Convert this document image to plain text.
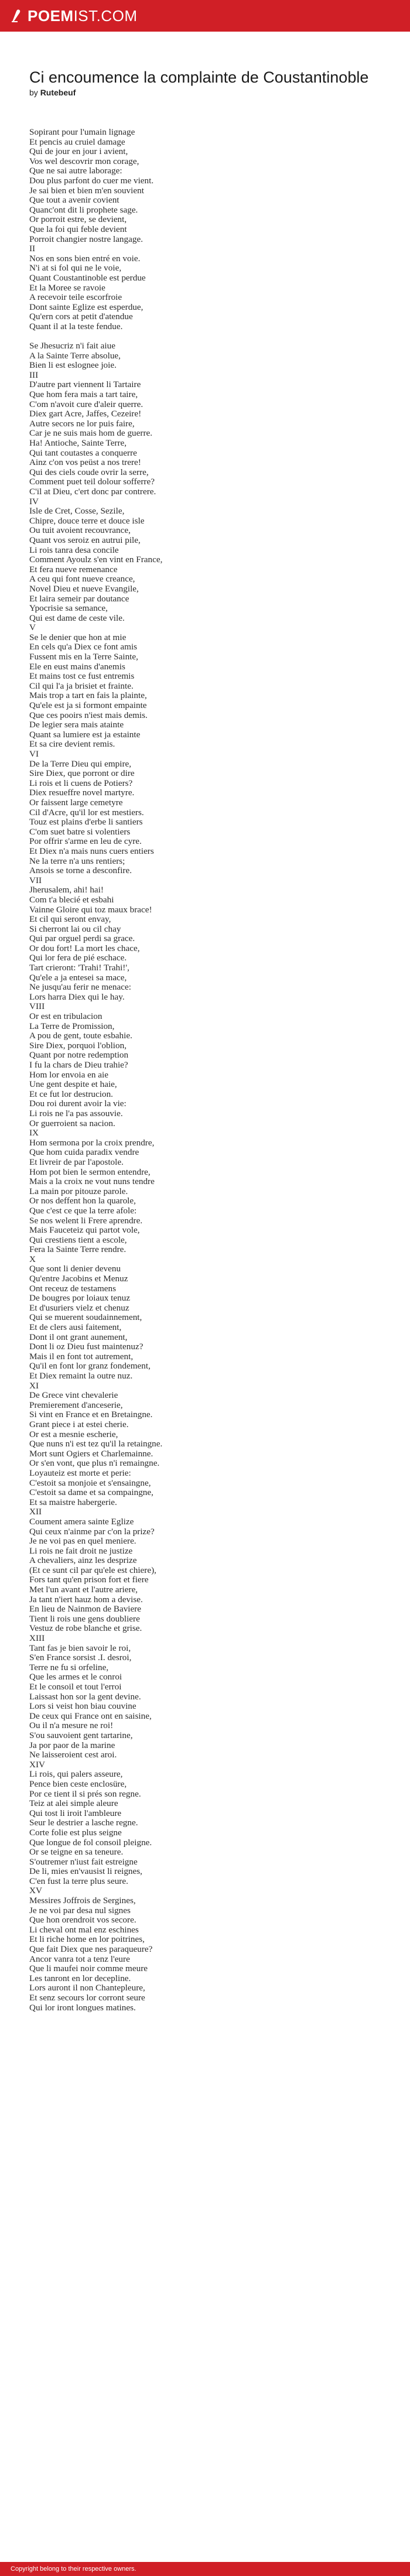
POEMIST.COM
Ci encoumence la complainte de Coustantinoble
by Rutebeuf
Sopirant pour l'umain lignage
Et pencis au cruiel damage
Qui de jour en jour i avient,
Vos wel descovrir mon corage,
Que ne sai autre laborage:
Dou plus parfont do cuer me vient.
Je sai bien et bien m'en souvient
Que tout a avenir covient
Quanc'ont dit li prophete sage.
Or porroit estre, se devient,
Que la foi qui feble devient
Porroit changier nostre langage.
II
Nos en sons bien entré en voie.
N'i at si fol qui ne le voie,
Quant Coustantinoble est perdue
Et la Moree se ravoie
A recevoir teile escorfroie
Dont sainte Eglize est esperdue,
Qu'ern cors at petit d'atendue
Quant il at la teste fendue.
Se Jhesucriz n'i fait aiue
A la Sainte Terre absolue,
Bien li est eslognee joie.
III
D'autre part viennent li Tartaire
Que hom fera mais a tart taire,
C'om n'avoit cure d'aleir querre.
Diex gart Acre, Jaffes, Cezeire!
Autre secors ne lor puis faire,
Car je ne suis mais hom de guerre.
Ha! Antioche, Sainte Terre,
Qui tant coutastes a conquerre
Ainz c'on vos peüst a nos trere!
Qui des ciels coude ovrir la serre,
Comment puet teil dolour sofferre?
C'il at Dieu, c'ert donc par contrere.
IV
Isle de Cret, Cosse, Sezile,
Chipre, douce terre et douce isle
Ou tuit avoient recouvrance,
Quant vos seroiz en autrui pile,
Li rois tanra desa concile
Comment Ayoulz s'en vint en France,
Et fera nueve remenance
A ceu qui font nueve creance,
Novel Dieu et nueve Evangile,
Et laira semeir par doutance
Ypocrisie sa semance,
Qui est dame de ceste vile.
V
Se le denier que hon at mie
En cels qu'a Diex ce font amis
Fussent mis en la Terre Sainte,
Ele en eust mains d'anemis
Et mains tost ce fust entremis
Cil qui l'a ja brisiet et frainte.
Mais trop a tart en fais la plainte,
Qu'ele est ja si formont empainte
Que ces pooirs n'iest mais demis.
De legier sera mais atainte
Quant sa lumiere est ja estainte
Et sa cire devient remis.
VI
De la Terre Dieu qui empire,
Sire Diex, que porront or dire
Li rois et li cuens de Potiers?
Diex resueffre novel martyre.
Or faissent large cemetyre
Cil d'Acre, qu'il lor est mestiers.
Touz est plains d'erbe li santiers
C'om suet batre si volentiers
Por offrir s'arme en leu de cyre.
Et Diex n'a mais nuns cuers entiers
Ne la terre n'a uns rentiers;
Ansois se torne a desconfire.
VII
Jherusalem, ahi! hai!
Com t'a blecié et esbahi
Vainne Gloire qui toz maux brace!
Et cil qui seront envay,
Si cherront lai ou cil chay
Qui par orguel perdi sa grace.
Or dou fort! La mort les chace,
Qui lor fera de pié eschace.
Tart crieront: 'Trahi! Trahi!',
Qu'ele a ja entesei sa mace,
Ne jusqu'au ferir ne menace:
Lors harra Diex qui le hay.
VIII
Or est en tribulacion
La Terre de Promission,
A pou de gent, toute esbahie.
Sire Diex, porquoi l'oblion,
Quant por notre redemption
I fu la chars de Dieu trahie?
Hom lor envoia en aie
Une gent despite et haie,
Et ce fut lor destrucion.
Dou roi durent avoir la vie:
Li rois ne l'a pas assouvie.
Or guerroient sa nacion.
IX
Hom sermona por la croix prendre,
Que hom cuida paradix vendre
Et livreir de par l'apostole.
Hom pot bien le sermon entendre,
Mais a la croix ne vout nuns tendre
La main por pitouze parole.
Or nos deffent hon la quarole,
Que c'est ce que la terre afole:
Se nos welent li Frere aprendre.
Mais Fauceteiz qui partot vole,
Qui crestiens tient a escole,
Fera la Sainte Terre rendre.
X
Que sont li denier devenu
Qu'entre Jacobins et Menuz
Ont receuz de testamens
De bougres por loiaux tenuz
Et d'usuriers vielz et chenuz
Qui se muerent soudainnement,
Et de clers ausi faitement,
Dont il ont grant aunement,
Dont li oz Dieu fust maintenuz?
Mais il en font tot autrement,
Qu'il en font lor granz fondement,
Et Diex remaint la outre nuz.
XI
De Grece vint chevalerie
Premierement d'anceserie,
Si vint en France et en Bretaingne.
Grant piece i at estei cherie.
Or est a mesnie escherie,
Que nuns n'i est tez qu'il la retaingne.
Mort sunt Ogiers et Charlemainne.
Or s'en vont, que plus n'i remaingne.
Loyauteiz est morte et perie:
C'estoit sa monjoie et s'ensaingne,
C'estoit sa dame et sa compaingne,
Et sa maistre habergerie.
XII
Coument amera sainte Eglize
Qui ceux n'ainme par c'on la prize?
Je ne voi pas en quel meniere.
Li rois ne fait droit ne justize
A chevaliers, ainz les desprize
(Et ce sunt cil par qu'ele est chiere),
Fors tant qu'en prison fort et fiere
Met l'un avant et l'autre ariere,
Ja tant n'iert hauz hom a devise.
En lieu de Nainmon de Baviere
Tient li rois une gens doubliere
Vestuz de robe blanche et grise.
XIII
Tant fas je bien savoir le roi,
S'en France sorsist .I. desroi,
Terre ne fu si orfeline,
Que les armes et le conroi
Et le consoil et tout l'erroi
Laissast hon sor la gent devine.
Lors si veist hon biau couvine
De ceux qui France ont en saisine,
Ou il n'a mesure ne roi!
S'ou sauvoient gent tartarine,
Ja por paor de la marine
Ne laisseroient cest aroi.
XIV
Li rois, qui palers asseure,
Pence bien ceste enclosüre,
Por ce tient il si prés son regne.
Teiz at alei simple aleure
Qui tost li iroit l'ambleure
Seur le destrier a lasche regne.
Corte folie est plus seigne
Que longue de fol consoil pleigne.
Or se teigne en sa teneure.
S'outremer n'iust fait estreigne
De li, mies en'vausist li reignes,
C'en fust la terre plus seure.
XV
Messires Joffrois de Sergines,
Je ne voi par desa nul signes
Que hon orendroit vos secore.
Li cheval ont mal enz eschines
Et li riche home en lor poitrines,
Que fait Diex que nes paraqueure?
Ancor vanra tot a tenz l'eure
Que li maufei noir comme meure
Les tanront en lor decepline.
Lors auront il non Chantepleure,
Et senz secours lor corront seure
Qui lor iront longues matines.
Copyright belong to their respective owners.
